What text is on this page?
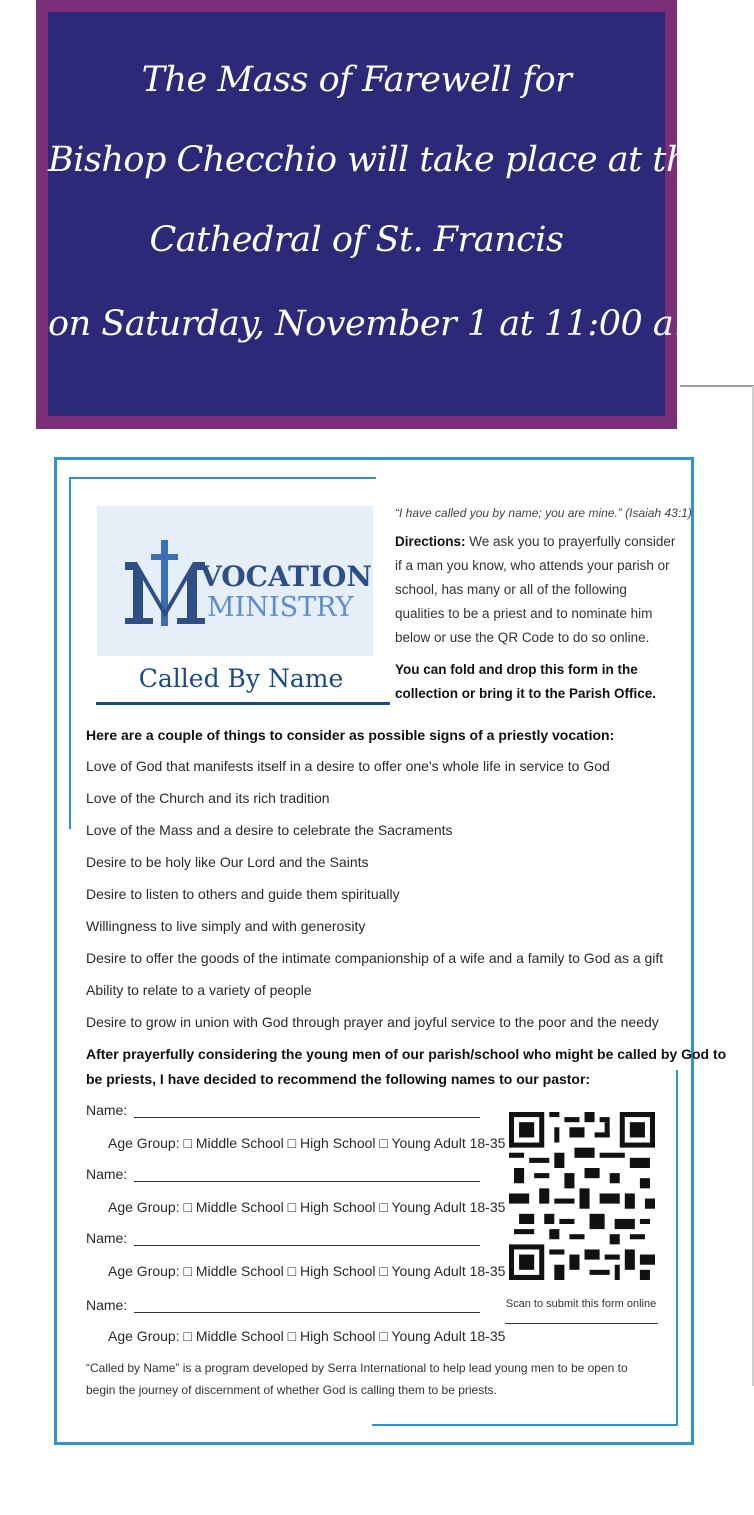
The Mass of Farewell for
Bishop Checchio will take place at the
Cathedral of St. Francis
on Saturday, November 1 at 11:00 a.m.
VOCATION
MINISTRY
Called By Name
“I have called you by name; you are mine.” (Isaiah 43:1)
Directions: We ask you to prayerfully consider
if a man you know, who attends your parish or
school, has many or all of the following
qualities to be a priest and to nominate him
below or use the QR Code to do so online.
You can fold and drop this form in the
collection or bring it to the Parish Office.
Here are a couple of things to consider as possible signs of a priestly vocation:
Love of God that manifests itself in a desire to offer one's whole life in service to God
Love of the Church and its rich tradition
Love of the Mass and a desire to celebrate the Sacraments
Desire to be holy like Our Lord and the Saints
Desire to listen to others and guide them spiritually
Willingness to live simply and with generosity
Desire to offer the goods of the intimate companionship of a wife and a family to God as a gift
Ability to relate to a variety of people
Desire to grow in union with God through prayer and joyful service to the poor and the needy
After prayerfully considering the young men of our parish/school who might be called by God to
be priests, I have decided to recommend the following names to our pastor:
Name:
Age Group: □ Middle School □ High School □ Young Adult 18-35
Name:
Age Group: □ Middle School □ High School □ Young Adult 18-35
Name:
Age Group: □ Middle School □ High School □ Young Adult 18-35
Name:
Age Group: □ Middle School □ High School □ Young Adult 18-35
Scan to submit this form online
“Called by Name” is a program developed by Serra International to help lead young men to be open to begin the journey of discernment of whether God is calling them to be priests.
